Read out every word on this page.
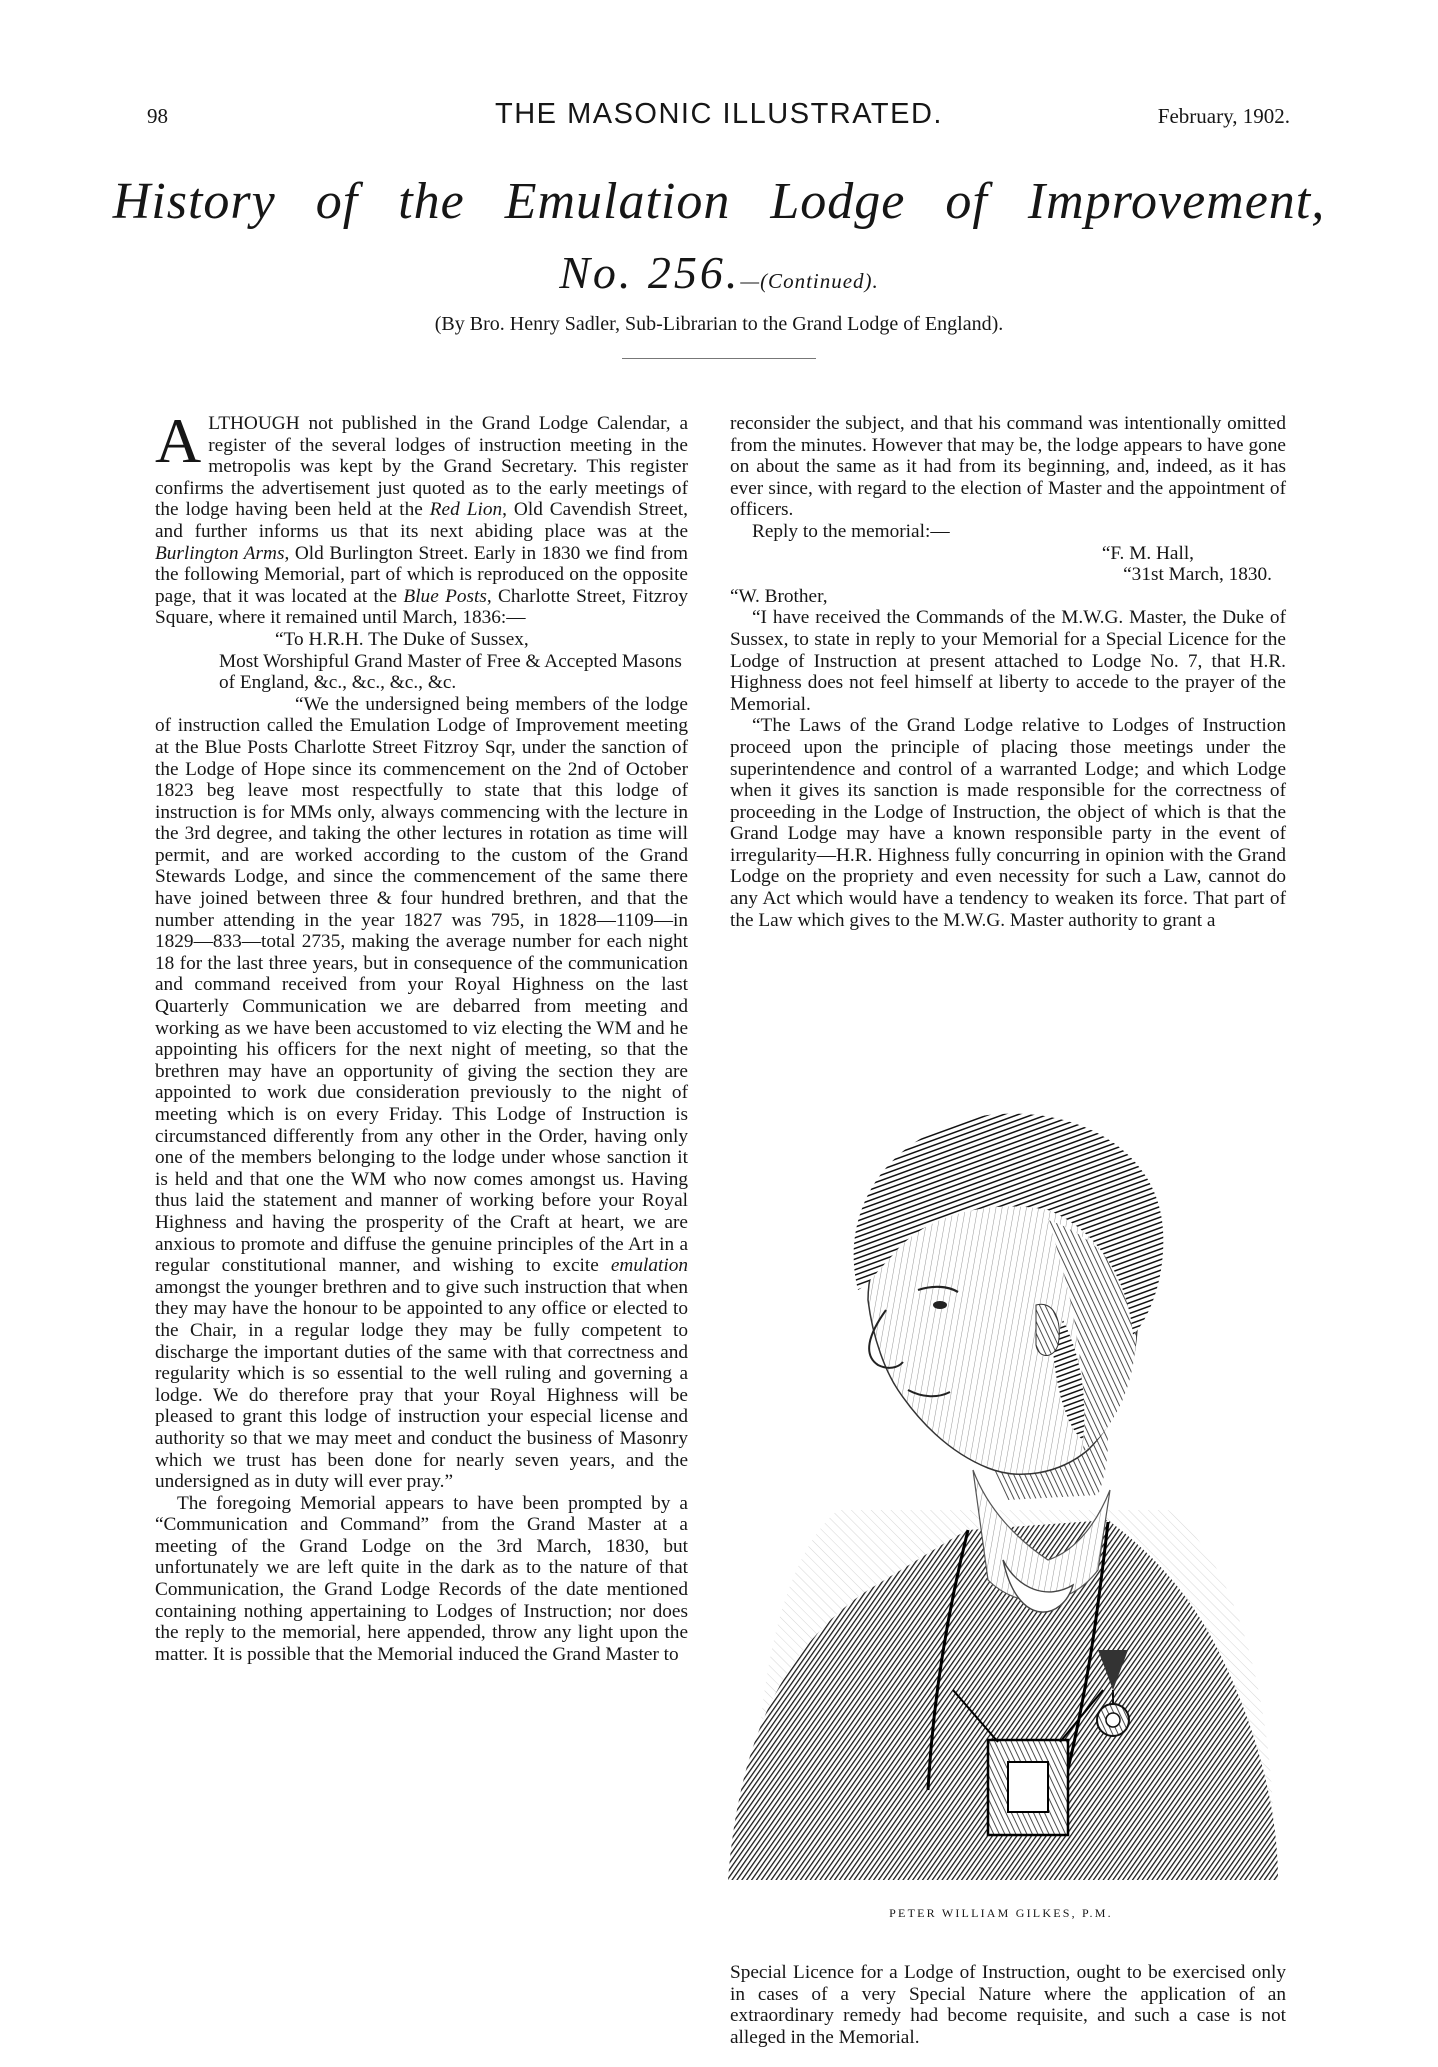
98	THE MASONIC ILLUSTRATED.	February, 1902.
History of the Emulation Lodge of Improvement,
No. 256.—(Continued).
(By Bro. Henry Sadler, Sub-Librarian to the Grand Lodge of England).

ALTHOUGH not published in the Grand Lodge Calendar, a register of the several lodges of instruction meeting in the metropolis was kept by the Grand Secretary. This register confirms the advertisement just quoted as to the early meetings of the lodge having been held at the Red Lion, Old Cavendish Street, and further informs us that its next abiding place was at the Burlington Arms, Old Burlington Street. Early in 1830 we find from the following Memorial, part of which is reproduced on the opposite page, that it was located at the Blue Posts, Charlotte Street, Fitzroy Square, where it remained until March, 1836:—

“To H.R.H. The Duke of Sussex,

Most Worshipful Grand Master of Free & Accepted Masons of England, &c., &c., &c., &c.

“We the undersigned being members of the lodge of instruction called the Emulation Lodge of Improvement meeting at the Blue Posts Charlotte Street Fitzroy Sqr, under the sanction of the Lodge of Hope since its commencement on the 2nd of October 1823 beg leave most respectfully to state that this lodge of instruction is for MMs only, always commencing with the lecture in the 3rd degree, and taking the other lectures in rotation as time will permit, and are worked according to the custom of the Grand Stewards Lodge, and since the commencement of the same there have joined between three & four hundred brethren, and that the number attending in the year 1827 was 795, in 1828—1109—in 1829—833—total 2735, making the average number for each night 18 for the last three years, but in consequence of the communication and command received from your Royal Highness on the last Quarterly Communication we are debarred from meeting and working as we have been accustomed to viz electing the WM and he appointing his officers for the next night of meeting, so that the brethren may have an opportunity of giving the section they are appointed to work due consideration previously to the night of meeting which is on every Friday. This Lodge of Instruction is circumstanced differently from any other in the Order, having only one of the members belonging to the lodge under whose sanction it is held and that one the WM who now comes amongst us. Having thus laid the statement and manner of working before your Royal Highness and having the prosperity of the Craft at heart, we are anxious to promote and diffuse the genuine principles of the Art in a regular constitutional manner, and wishing to excite emulation amongst the younger brethren and to give such instruction that when they may have the honour to be appointed to any office or elected to the Chair, in a regular lodge they may be fully competent to discharge the important duties of the same with that correctness and regularity which is so essential to the well ruling and governing a lodge. We do therefore pray that your Royal Highness will be pleased to grant this lodge of instruction your especial license and authority so that we may meet and conduct the business of Masonry which we trust has been done for nearly seven years, and the undersigned as in duty will ever pray.”

The foregoing Memorial appears to have been prompted by a “Communication and Command” from the Grand Master at a meeting of the Grand Lodge on the 3rd March, 1830, but unfortunately we are left quite in the dark as to the nature of that Communication, the Grand Lodge Records of the date mentioned containing nothing appertaining to Lodges of Instruction; nor does the reply to the memorial, here appended, throw any light upon the matter. It is possible that the Memorial induced the Grand Master to

reconsider the subject, and that his command was intentionally omitted from the minutes. However that may be, the lodge appears to have gone on about the same as it had from its beginning, and, indeed, as it has ever since, with regard to the election of Master and the appointment of officers.

Reply to the memorial:—

“F. M. Hall,

“31st March, 1830.

“W. Brother,

“I have received the Commands of the M.W.G. Master, the Duke of Sussex, to state in reply to your Memorial for a Special Licence for the Lodge of Instruction at present attached to Lodge No. 7, that H.R. Highness does not feel himself at liberty to accede to the prayer of the Memorial.

“The Laws of the Grand Lodge relative to Lodges of Instruction proceed upon the principle of placing those meetings under the superintendence and control of a warranted Lodge; and which Lodge when it gives its sanction is made responsible for the correctness of proceeding in the Lodge of Instruction, the object of which is that the Grand Lodge may have a known responsible party in the event of irregularity—H.R. Highness fully concurring in opinion with the Grand Lodge on the propriety and even necessity for such a Law, cannot do any Act which would have a tendency to weaken its force. That part of the Law which gives to the M.W.G. Master authority to grant a

PETER WILLIAM GILKES, P.M.

Special Licence for a Lodge of Instruction, ought to be exercised only in cases of a very Special Nature where the application of an extraordinary remedy had become requisite, and such a case is not alleged in the Memorial.
